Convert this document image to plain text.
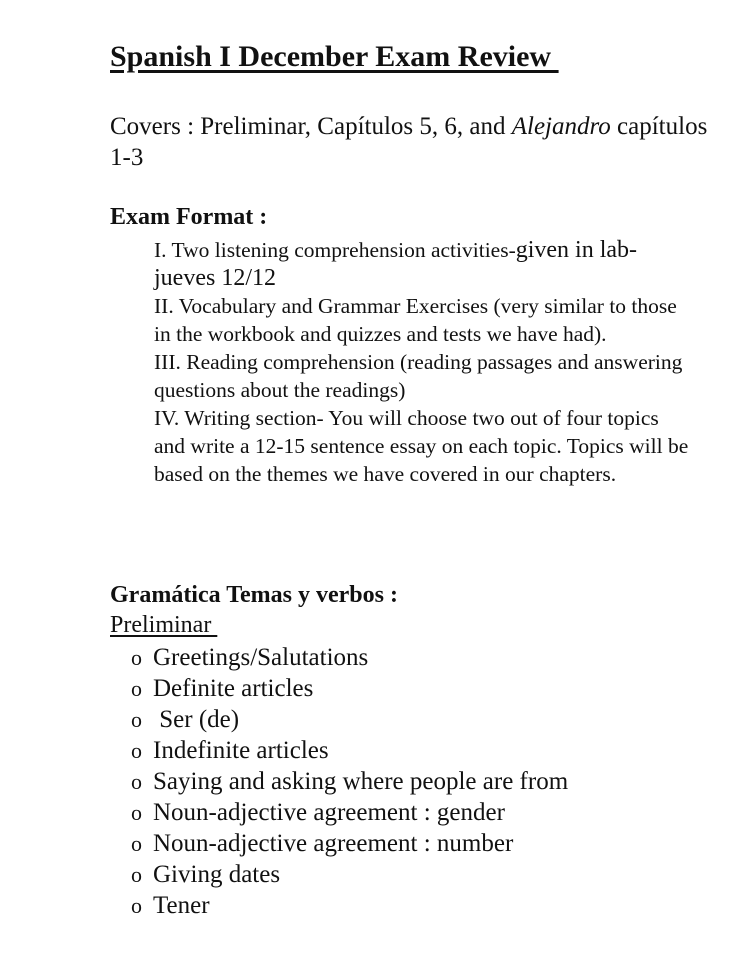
Spanish I December Exam Review
Covers : Preliminar, Capítulos 5, 6, and Alejandro capítulos 1-3
Exam Format :

I. Two listening comprehension activities-given in lab-jueves 12/12

II. Vocabulary and Grammar Exercises (very similar to those in the workbook and quizzes and tests we have had).

III. Reading comprehension (reading passages and answering questions about the readings)

IV. Writing section- You will choose two out of four topics and write a 12-15 sentence essay on each topic. Topics will be based on the themes we have covered in our chapters.

Gramática Temas y verbos :
Preliminar
o Greetings/Salutations
o Definite articles
o Ser (de)
o Indefinite articles
o Saying and asking where people are from
o Noun-adjective agreement : gender
o Noun-adjective agreement : number
o Giving dates
o Tener
